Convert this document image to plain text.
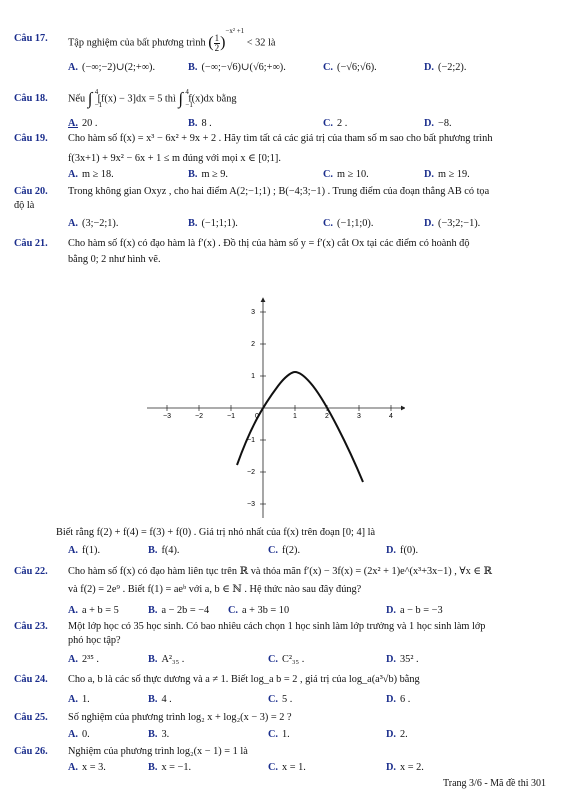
Câu 17. Tập nghiệm của bất phương trình ( $\frac{1}{2} )^{-x^2 +1} < 32$ là
A. (−∞;−2)∪(2;+∞).	B. (−∞;−√6)∪(√6;+∞).	C. (−√6;√6).	D. (−2;2).
Câu 18. Nếu ∫ 4
−1
[f(x) − 3]dx = 5 thì ∫ 4
−1
f(x)dx bằng
A. 20 .	B. 8 .	C. 2 .	D. −8.
Câu 19. Cho hàm số f(x) = x³ − 6x² + 9x + 2 . Hãy tìm tất cả các giá trị của tham số m sao cho bất phương trình
f(3x+1) + 9x² − 6x + 1 ≤ m đúng với mọi x ∈ [0;1].
A. m ≥ 18.	B. m ≥ 9.	C. m ≥ 10.	D. m ≥ 19.
Câu 20. Trong không gian Oxyz , cho hai điểm A(2;−1;1) ; B(−4;3;−1) . Trung điểm của đoạn thẳng AB có tọa
độ là
A. (3;−2;1).	B. (−1;1;1).	C. (−1;1;0).	D. (−3;2;−1).
Câu 21. Cho hàm số f(x) có đạo hàm là f′(x) . Đồ thị của hàm số y = f′(x) cắt Ox tại các điểm có hoành độ
bằng 0; 2 như hình vẽ.
−3	−2	−1	0	1	2	3	4
3
2
1
−1
−2
−3
Biết rằng f(2) + f(4) = f(3) + f(0) . Giá trị nhỏ nhất của f(x) trên đoạn [0; 4] là
A. f(1).	B. f(4).	C. f(2).	D. f(0).
Câu 22. Cho hàm số f(x) có đạo hàm liên tục trên ℝ và thỏa mãn f′(x) − 3f(x) = (2x² + 1)e^(x³+3x−1) , ∀x ∈ ℝ
và f(2) = 2e⁹ . Biết f(1) = aeᵇ với a, b ∈ ℕ . Hệ thức nào sau đây đúng?
A. a + b = 5	B. a − 2b = −4 C. a + 3b = 10	D. a − b = −3
Câu 23. Một lớp học có 35 học sinh. Có bao nhiêu cách chọn 1 học sinh làm lớp trưởng và 1 học sinh làm lớp
phó học tập?
A. 2³⁵ .	B. A²₃₅ .	C. C²₃₅ .	D. 35² .
Câu 24. Cho a, b là các số thực dương và a ≠ 1. Biết log_a b = 2 , giá trị của log_a(a³√b) bằng
A. 1.	B. 4 .	C. 5 .	D. 6 .
Câu 25. Số nghiệm của phương trình log₂ x + log₂(x − 3) = 2 ?
A. 0.	B. 3.	C. 1.	D. 2.
Câu 26. Nghiệm của phương trình log₂(x − 1) = 1 là
A. x = 3.	B. x = −1.	C. x = 1.	D. x = 2.
Trang 3/6 - Mã đề thi 301
